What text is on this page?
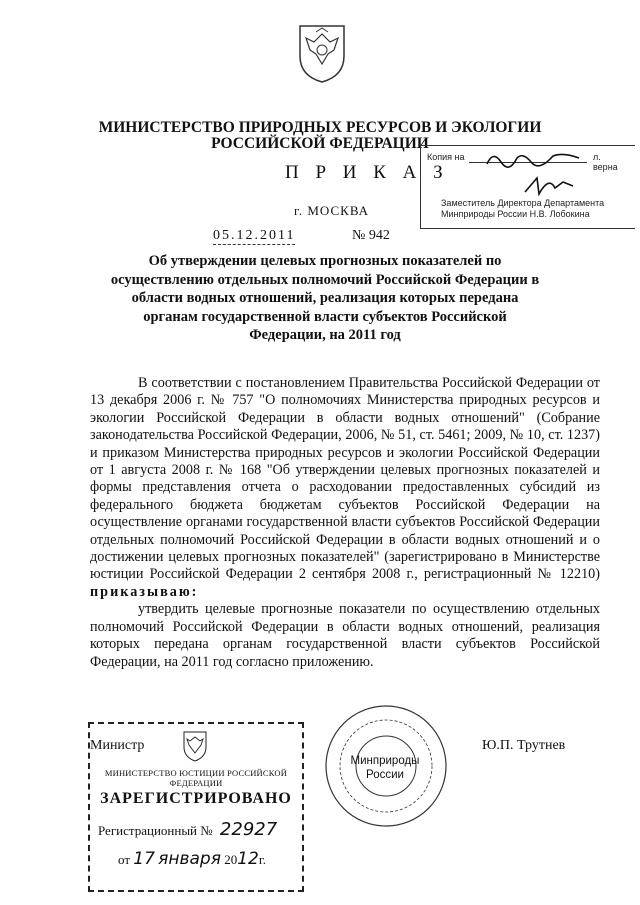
МИНИСТЕРСТВО ПРИРОДНЫХ РЕСУРСОВ И ЭКОЛОГИИ
РОССИЙСКОЙ ФЕДЕРАЦИИ
Копия на	л. верна
Заместитель Директора Департамента
Минприроды России Н.В. Лобокина
П Р И К А З
г. МОСКВА
05.12.2011	№ 942
Об утверждении целевых прогнозных показателей по осуществлению отдельных полномочий Российской Федерации в области водных отношений, реализация которых передана органам государственной власти субъектов Российской Федерации, на 2011 год

В соответствии с постановлением Правительства Российской Федерации от 13 декабря 2006 г. № 757 "О полномочиях Министерства природных ресурсов и экологии Российской Федерации в области водных отношений" (Собрание законодательства Российской Федерации, 2006, № 51, ст. 5461; 2009, № 10, ст. 1237) и приказом Министерства природных ресурсов и экологии Российской Федерации от 1 августа 2008 г. № 168 "Об утверждении целевых прогнозных показателей и формы представления отчета о расходовании предоставленных субсидий из федерального бюджета бюджетам субъектов Российской Федерации на осуществление органами государственной власти субъектов Российской Федерации отдельных полномочий Российской Федерации в области водных отношений и о достижении целевых прогнозных показателей" (зарегистрировано в Министерстве юстиции Российской Федерации 2 сентября 2008 г., регистрационный № 12210) приказываю:

утвердить целевые прогнозные показатели по осуществлению отдельных полномочий Российской Федерации в области водных отношений, реализация которых передана органам государственной власти субъектов Российской Федерации, на 2011 год согласно приложению.

МИНИСТЕРСТВО ЮСТИЦИИ РОССИЙСКОЙ ФЕДЕРАЦИИ
ЗАРЕГИСТРИРОВАНО
Регистрационный № 22927
от 17 января 2012г.
Министр	Ю.П. Трутнев
Минприроды
России
